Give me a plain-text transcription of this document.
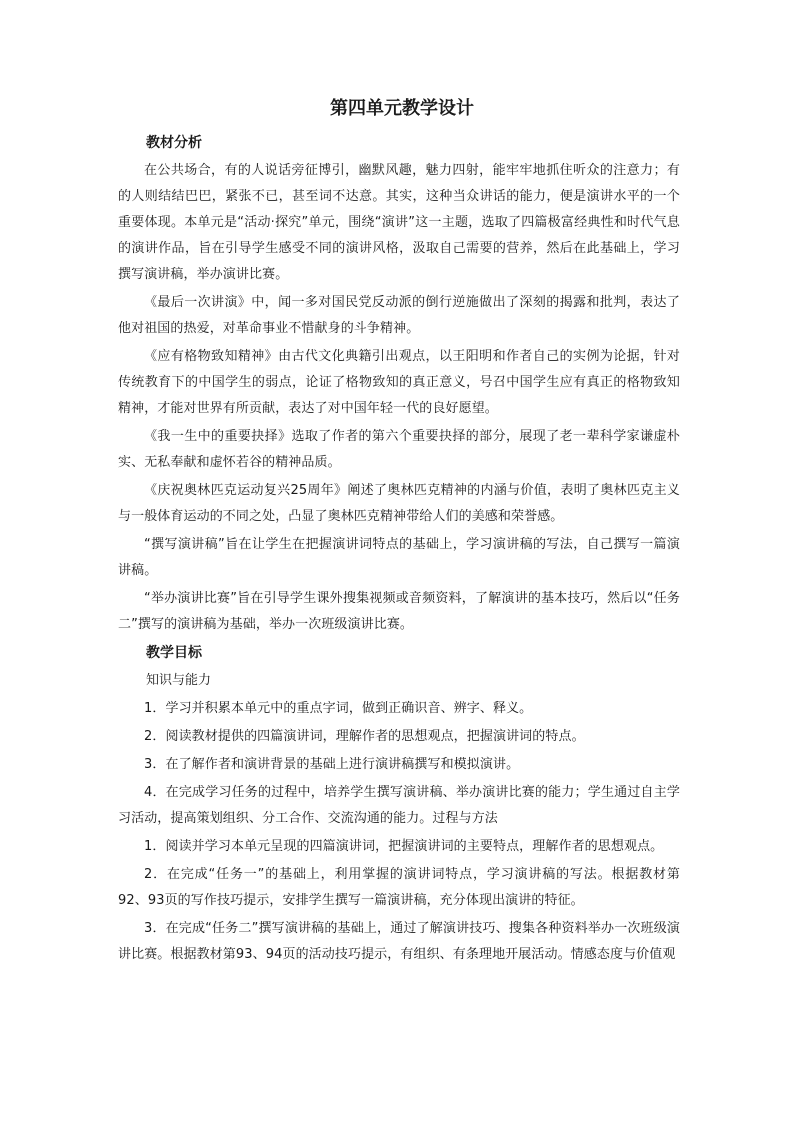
第四单元教学设计
教材分析
在公共场合，有的人说话旁征博引，幽默风趣，魅力四射，能牢牢地抓住听众的注意力；有的人则结结巴巴，紧张不已，甚至词不达意。其实，这种当众讲话的能力，便是演讲水平的一个重要体现。本单元是“活动·探究”单元，围绕“演讲”这一主题，选取了四篇极富经典性和时代气息的演讲作品，旨在引导学生感受不同的演讲风格，汲取自己需要的营养，然后在此基础上，学习撰写演讲稿，举办演讲比赛。
《最后一次讲演》中，闻一多对国民党反动派的倒行逆施做出了深刻的揭露和批判，表达了他对祖国的热爱，对革命事业不惜献身的斗争精神。
《应有格物致知精神》由古代文化典籍引出观点，以王阳明和作者自己的实例为论据，针对传统教育下的中国学生的弱点，论证了格物致知的真正意义，号召中国学生应有真正的格物致知精神，才能对世界有所贡献，表达了对中国年轻一代的良好愿望。
《我一生中的重要抉择》选取了作者的第六个重要抉择的部分，展现了老一辈科学家谦虚朴实、无私奉献和虚怀若谷的精神品质。
《庆祝奥林匹克运动复兴25周年》阐述了奥林匹克精神的内涵与价值，表明了奥林匹克主义与一般体育运动的不同之处，凸显了奥林匹克精神带给人们的美感和荣誉感。
“撰写演讲稿”旨在让学生在把握演讲词特点的基础上，学习演讲稿的写法，自己撰写一篇演讲稿。
“举办演讲比赛”旨在引导学生课外搜集视频或音频资料，了解演讲的基本技巧，然后以“任务二”撰写的演讲稿为基础，举办一次班级演讲比赛。
教学目标
知识与能力
1．学习并积累本单元中的重点字词，做到正确识音、辨字、释义。
2．阅读教材提供的四篇演讲词，理解作者的思想观点，把握演讲词的特点。
3．在了解作者和演讲背景的基础上进行演讲稿撰写和模拟演讲。
4．在完成学习任务的过程中，培养学生撰写演讲稿、举办演讲比赛的能力；学生通过自主学习活动，提高策划组织、分工合作、交流沟通的能力。过程与方法
1．阅读并学习本单元呈现的四篇演讲词，把握演讲词的主要特点，理解作者的思想观点。
2．在完成“任务一”的基础上，利用掌握的演讲词特点，学习演讲稿的写法。根据教材第92、93页的写作技巧提示，安排学生撰写一篇演讲稿，充分体现出演讲的特征。
3．在完成“任务二”撰写演讲稿的基础上，通过了解演讲技巧、搜集各种资料举办一次班级演讲比赛。根据教材第93、94页的活动技巧提示，有组织、有条理地开展活动。情感态度与价值观
